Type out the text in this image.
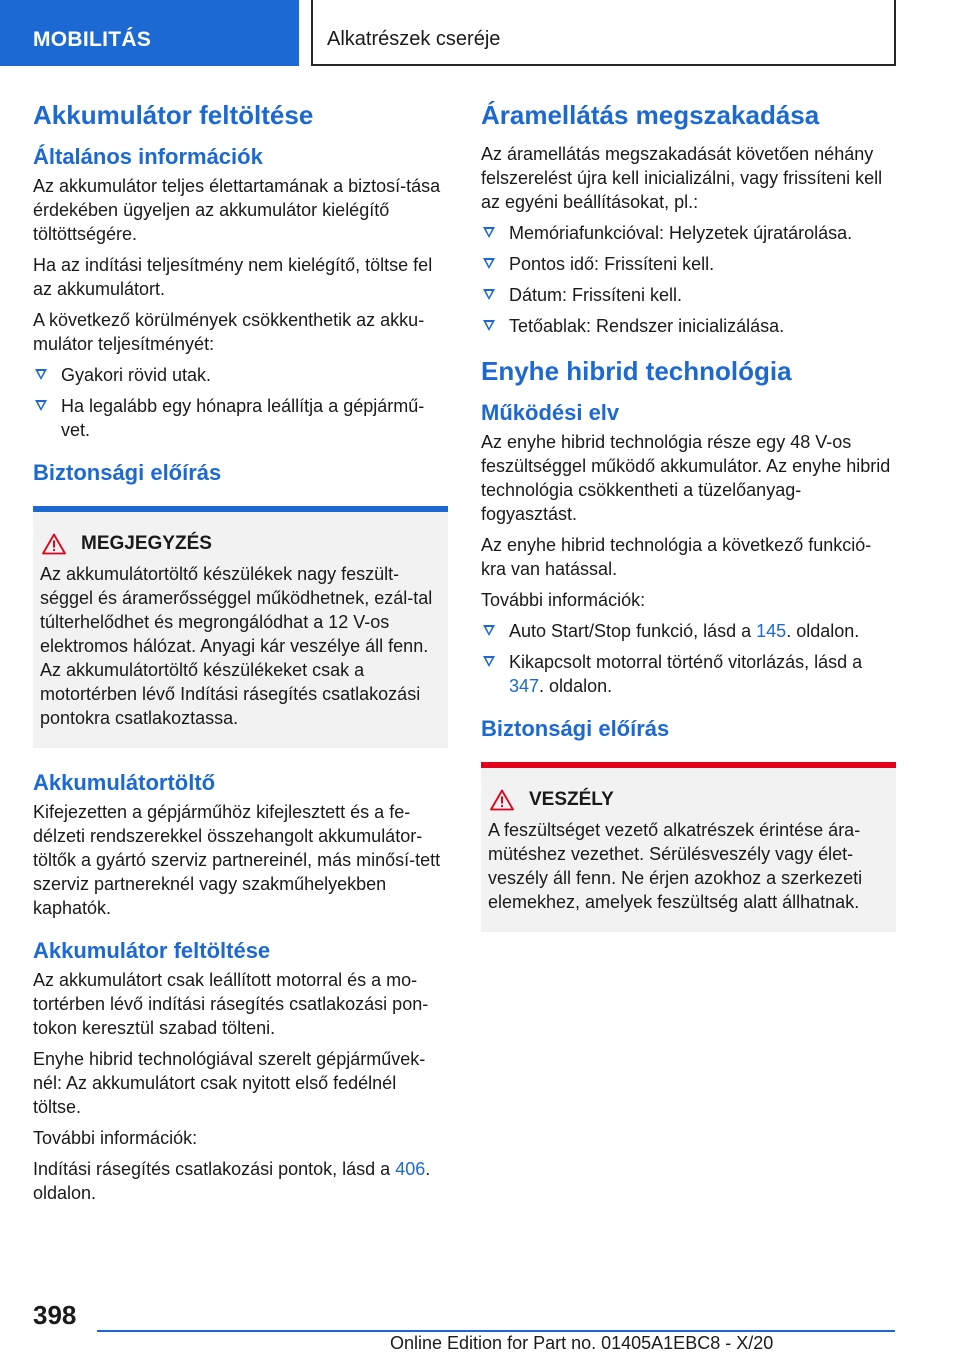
MOBILITÁS	Alkatrészek cseréje
Akkumulátor feltöltése
Általános információk

Az akkumulátor teljes élettartamának a biztosí-tása érdekében ügyeljen az akkumulátor kielégítő töltöttségére.

Ha az indítási teljesítmény nem kielégítő, töltse fel az akkumulátort.

A következő körülmények csökkenthetik az akku-mulátor teljesítményét:

Gyakori rövid utak.
Ha legalább egy hónapra leállítja a gépjármű-vet.
Biztonsági előírás
MEGJEGYZÉS

Az akkumulátortöltő készülékek nagy feszült-séggel és áramerősséggel működhetnek, ezál-tal túlterhelődhet és megrongálódhat a 12 V-os elektromos hálózat. Anyagi kár veszélye áll fenn. Az akkumulátortöltő készülékeket csak a motortérben lévő Indítási rásegítés csatlakozási pontokra csatlakoztassa.

Akkumulátortöltő

Kifejezetten a gépjárműhöz kifejlesztett és a fe-délzeti rendszerekkel összehangolt akkumulátor-töltők a gyártó szerviz partnereinél, más minősí-tett szerviz partnereknél vagy szakműhelyekben kaphatók.

Akkumulátor feltöltése

Az akkumulátort csak leállított motorral és a mo-tortérben lévő indítási rásegítés csatlakozási pon-tokon keresztül szabad tölteni.

Enyhe hibrid technológiával szerelt gépjárművek-nél: Az akkumulátort csak nyitott első fedélnél töltse.

További információk:

Indítási rásegítés csatlakozási pontok, lásd a 406. oldalon.

Áramellátás megszakadása

Az áramellátás megszakadását követően néhány felszerelést újra kell inicializálni, vagy frissíteni kell az egyéni beállításokat, pl.:

Memóriafunkcióval: Helyzetek újratárolása.
Pontos idő: Frissíteni kell.
Dátum: Frissíteni kell.
Tetőablak: Rendszer inicializálása.
Enyhe hibrid technológia
Működési elv

Az enyhe hibrid technológia része egy 48 V-os feszültséggel működő akkumulátor. Az enyhe hibrid technológia csökkentheti a tüzelőanyag-fogyasztást.

Az enyhe hibrid technológia a következő funkció-kra van hatással.

További információk:

Auto Start/Stop funkció, lásd a 145. oldalon.
Kikapcsolt motorral történő vitorlázás, lásd a 347. oldalon.
Biztonsági előírás
VESZÉLY

A feszültséget vezető alkatrészek érintése ára-mütéshez vezethet. Sérülésveszély vagy élet-veszély áll fenn. Ne érjen azokhoz a szerkezeti elemekhez, amelyek feszültség alatt állhatnak.

398
Online Edition for Part no. 01405A1EBC8 - X/20
